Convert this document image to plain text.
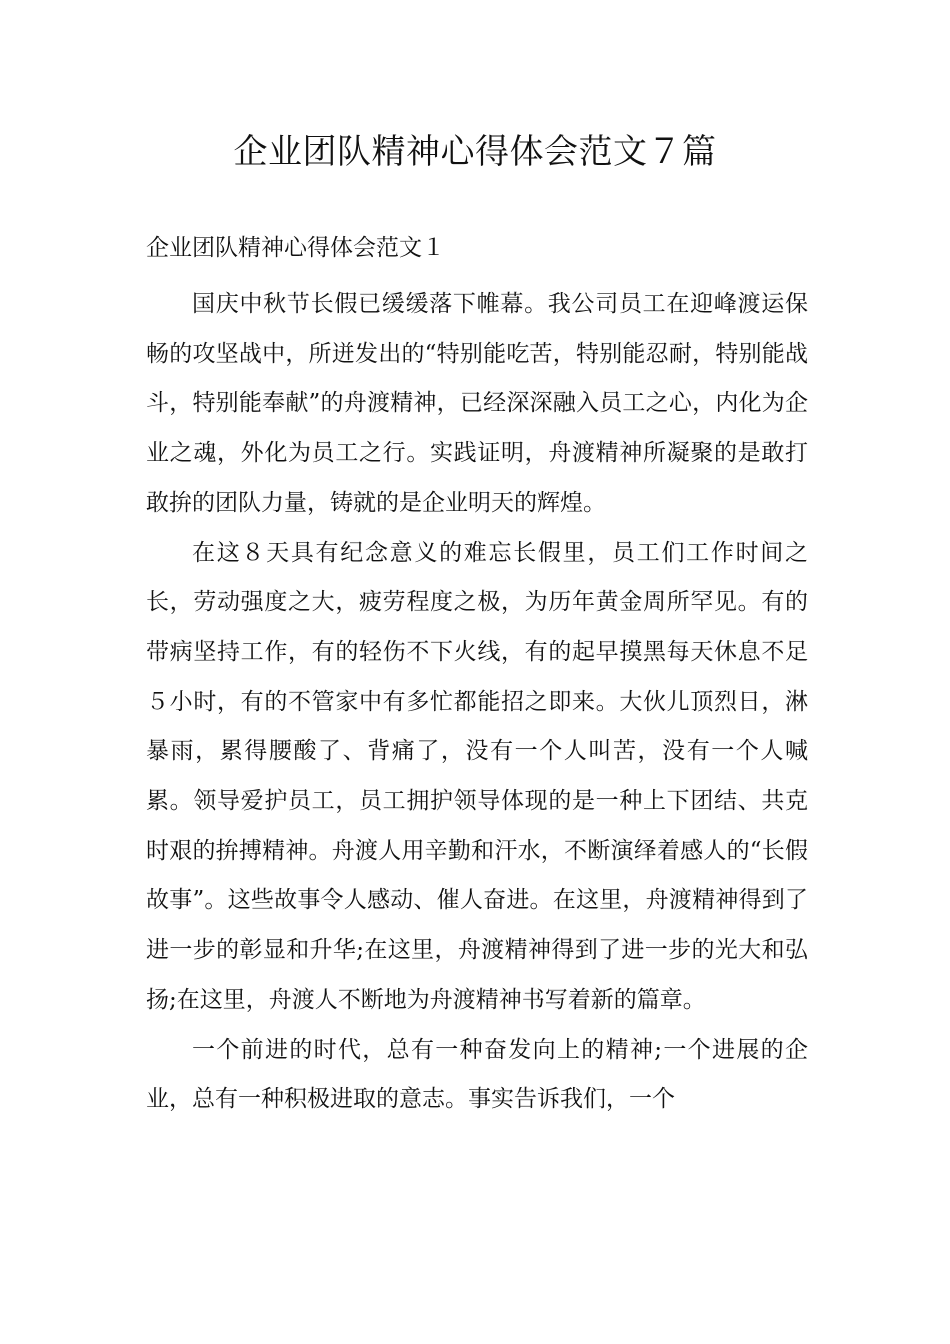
企业团队精神心得体会范文７篇

企业团队精神心得体会范文１

国庆中秋节长假已缓缓落下帷幕。我公司员工在迎峰渡运保畅的攻坚战中，所迸发出的“特别能吃苦，特别能忍耐，特别能战斗，特别能奉献”的舟渡精神，已经深深融入员工之心，内化为企业之魂，外化为员工之行。实践证明，舟渡精神所凝聚的是敢打敢拚的团队力量，铸就的是企业明天的辉煌。

在这８天具有纪念意义的难忘长假里，员工们工作时间之长，劳动强度之大，疲劳程度之极，为历年黄金周所罕见。有的带病坚持工作，有的轻伤不下火线，有的起早摸黑每天休息不足５小时，有的不管家中有多忙都能招之即来。大伙儿顶烈日，淋暴雨，累得腰酸了、背痛了，没有一个人叫苦，没有一个人喊累。领导爱护员工，员工拥护领导体现的是一种上下团结、共克时艰的拚搏精神。舟渡人用辛勤和汗水，不断演绎着感人的“长假故事”。这些故事令人感动、催人奋进。在这里，舟渡精神得到了进一步的彰显和升华;在这里，舟渡精神得到了进一步的光大和弘扬;在这里，舟渡人不断地为舟渡精神书写着新的篇章。

一个前进的时代，总有一种奋发向上的精神;一个进展的企业，总有一种积极进取的意志。事实告诉我们，一个
